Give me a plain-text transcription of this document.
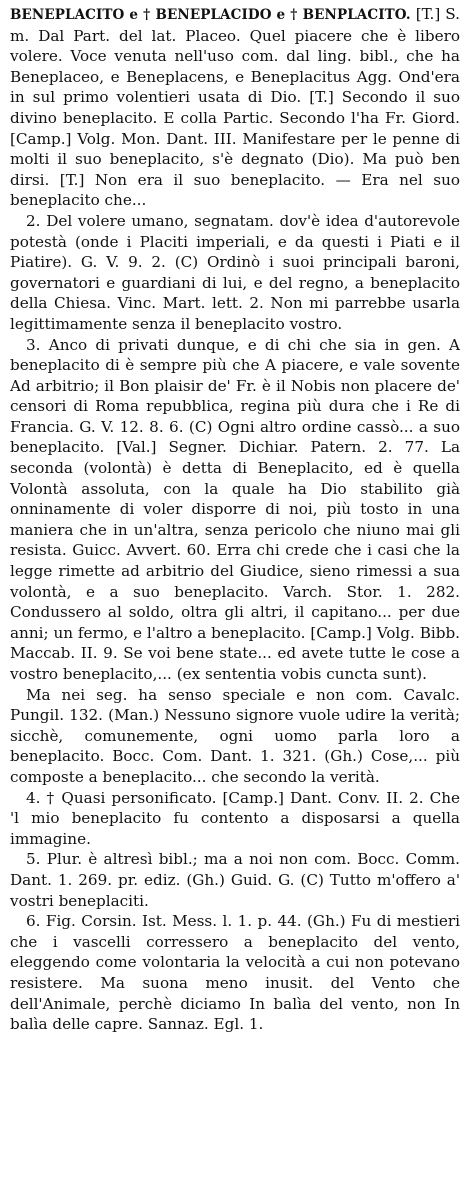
BENEPLACITO e † BENEPLACIDO e † BENPLACITO. [T.] S. m. Dal Part. del lat. Placeo. Quel piacere che è libero volere. Voce venuta nell'uso com. dal ling. bibl., che ha Beneplaceo, e Beneplacens, e Beneplacitus Agg. Ond'era in sul primo volentieri usata di Dio. [T.] Secondo il suo divino beneplacito. E colla Partic. Secondo l'ha Fr. Giord. [Camp.] Volg. Mon. Dant. III. Manifestare per le penne di molti il suo beneplacito, s'è degnato (Dio). Ma può ben dirsi. [T.] Non era il suo beneplacito. — Era nel suo beneplacito che...

2. Del volere umano, segnatam. dov'è idea d'autorevole potestà (onde i Placiti imperiali, e da questi i Piati e il Piatire). G. V. 9. 2. (C) Ordinò i suoi principali baroni, governatori e guardiani di lui, e del regno, a beneplacito della Chiesa. Vinc. Mart. lett. 2. Non mi parrebbe usarla legittimamente senza il beneplacito vostro.

3. Anco di privati dunque, e di chi che sia in gen. A beneplacito di è sempre più che A piacere, e vale sovente Ad arbitrio; il Bon plaisir de' Fr. è il Nobis non placere de' censori di Roma repubblica, regina più dura che i Re di Francia. G. V. 12. 8. 6. (C) Ogni altro ordine cassò... a suo beneplacito. [Val.] Segner. Dichiar. Patern. 2. 77. La seconda (volontà) è detta di Beneplacito, ed è quella Volontà assoluta, con la quale ha Dio stabilito già onninamente di voler disporre di noi, più tosto in una maniera che in un'altra, senza pericolo che niuno mai gli resista. Guicc. Avvert. 60. Erra chi crede che i casi che la legge rimette ad arbitrio del Giudice, sieno rimessi a sua volontà, e a suo beneplacito. Varch. Stor. 1. 282. Condussero al soldo, oltra gli altri, il capitano... per due anni; un fermo, e l'altro a beneplacito. [Camp.] Volg. Bibb. Maccab. II. 9. Se voi bene state... ed avete tutte le cose a vostro beneplacito,... (ex sententia vobis cuncta sunt).

Ma nei seg. ha senso speciale e non com. Cavalc. Pungil. 132. (Man.) Nessuno signore vuole udire la verità; sicchè, comunemente, ogni uomo parla loro a beneplacito. Bocc. Com. Dant. 1. 321. (Gh.) Cose,... più composte a beneplacito... che secondo la verità.

4. † Quasi personificato. [Camp.] Dant. Conv. II. 2. Che 'l mio beneplacito fu contento a disposarsi a quella immagine.

5. Plur. è altresì bibl.; ma a noi non com. Bocc. Comm. Dant. 1. 269. pr. ediz. (Gh.) Guid. G. (C) Tutto m'offero a' vostri beneplaciti.

6. Fig. Corsin. Ist. Mess. l. 1. p. 44. (Gh.) Fu di mestieri che i vascelli corressero a beneplacito del vento, eleggendo come volontaria la velocità a cui non potevano resistere. Ma suona meno inusit. del Vento che dell'Animale, perchè diciamo In balìa del vento, non In balìa delle capre. Sannaz. Egl. 1.
